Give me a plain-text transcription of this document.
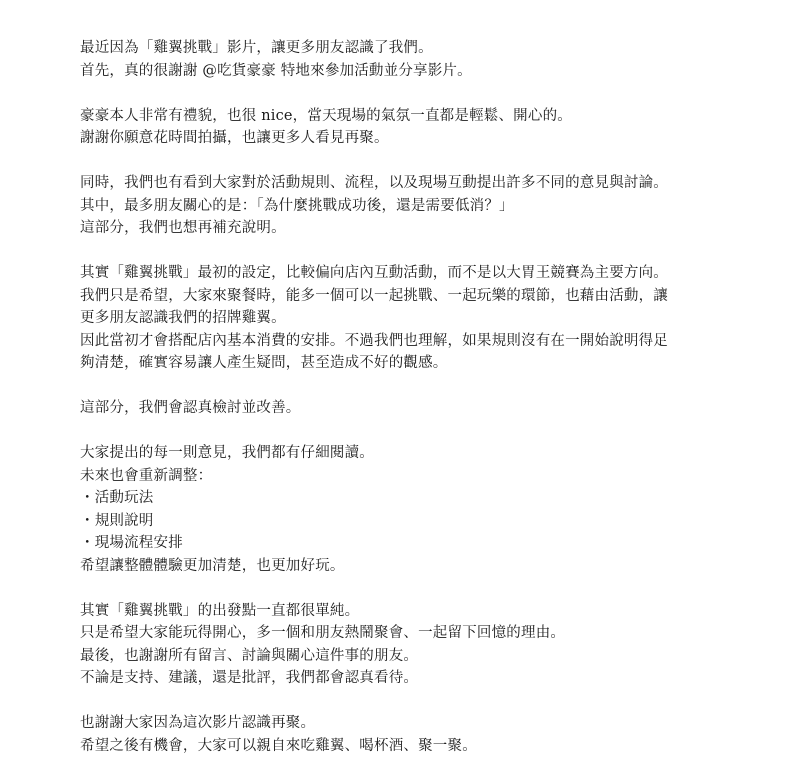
最近因為「雞翼挑戰」影片，讓更多朋友認識了我們。
首先，真的很謝謝 @吃貨豪豪 特地來參加活動並分享影片。
豪豪本人非常有禮貌，也很 nice，當天現場的氣氛一直都是輕鬆、開心的。
謝謝你願意花時間拍攝，也讓更多人看見再聚。
同時，我們也有看到大家對於活動規則、流程，以及現場互動提出許多不同的意見與討論。
其中，最多朋友關心的是：「為什麼挑戰成功後，還是需要低消？」
這部分，我們也想再補充說明。
其實「雞翼挑戰」最初的設定，比較偏向店內互動活動，而不是以大胃王競賽為主要方向。
我們只是希望，大家來聚餐時，能多一個可以一起挑戰、一起玩樂的環節，也藉由活動，讓
更多朋友認識我們的招牌雞翼。
因此當初才會搭配店內基本消費的安排。不過我們也理解，如果規則沒有在一開始說明得足
夠清楚，確實容易讓人產生疑問，甚至造成不好的觀感。
這部分，我們會認真檢討並改善。
大家提出的每一則意見，我們都有仔細閱讀。
未來也會重新調整：
・活動玩法
・規則說明
・現場流程安排
希望讓整體體驗更加清楚，也更加好玩。
其實「雞翼挑戰」的出發點一直都很單純。
只是希望大家能玩得開心，多一個和朋友熱鬧聚會、一起留下回憶的理由。
最後，也謝謝所有留言、討論與關心這件事的朋友。
不論是支持、建議，還是批評，我們都會認真看待。
也謝謝大家因為這次影片認識再聚。
希望之後有機會，大家可以親自來吃雞翼、喝杯酒、聚一聚。
